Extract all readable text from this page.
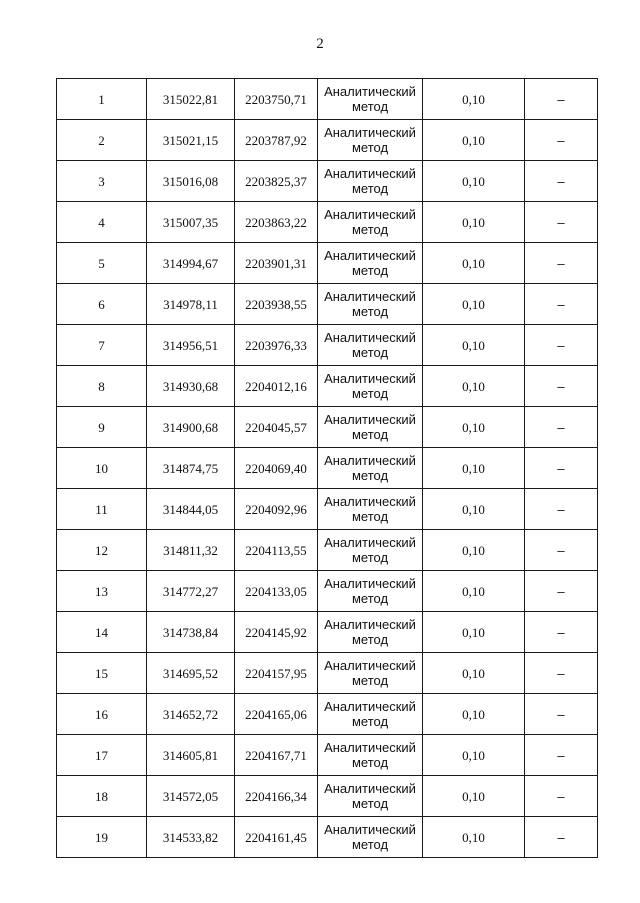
2
1	315022,81	2203750,71	Аналитический
метод	0,10	–
2	315021,15	2203787,92	Аналитический
метод	0,10	–
3	315016,08	2203825,37	Аналитический
метод	0,10	–
4	315007,35	2203863,22	Аналитический
метод	0,10	–
5	314994,67	2203901,31	Аналитический
метод	0,10	–
6	314978,11	2203938,55	Аналитический
метод	0,10	–
7	314956,51	2203976,33	Аналитический
метод	0,10	–
8	314930,68	2204012,16	Аналитический
метод	0,10	–
9	314900,68	2204045,57	Аналитический
метод	0,10	–
10	314874,75	2204069,40	Аналитический
метод	0,10	–
11	314844,05	2204092,96	Аналитический
метод	0,10	–
12	314811,32	2204113,55	Аналитический
метод	0,10	–
13	314772,27	2204133,05	Аналитический
метод	0,10	–
14	314738,84	2204145,92	Аналитический
метод	0,10	–
15	314695,52	2204157,95	Аналитический
метод	0,10	–
16	314652,72	2204165,06	Аналитический
метод	0,10	–
17	314605,81	2204167,71	Аналитический
метод	0,10	–
18	314572,05	2204166,34	Аналитический
метод	0,10	–
19	314533,82	2204161,45	Аналитический
метод	0,10	–
